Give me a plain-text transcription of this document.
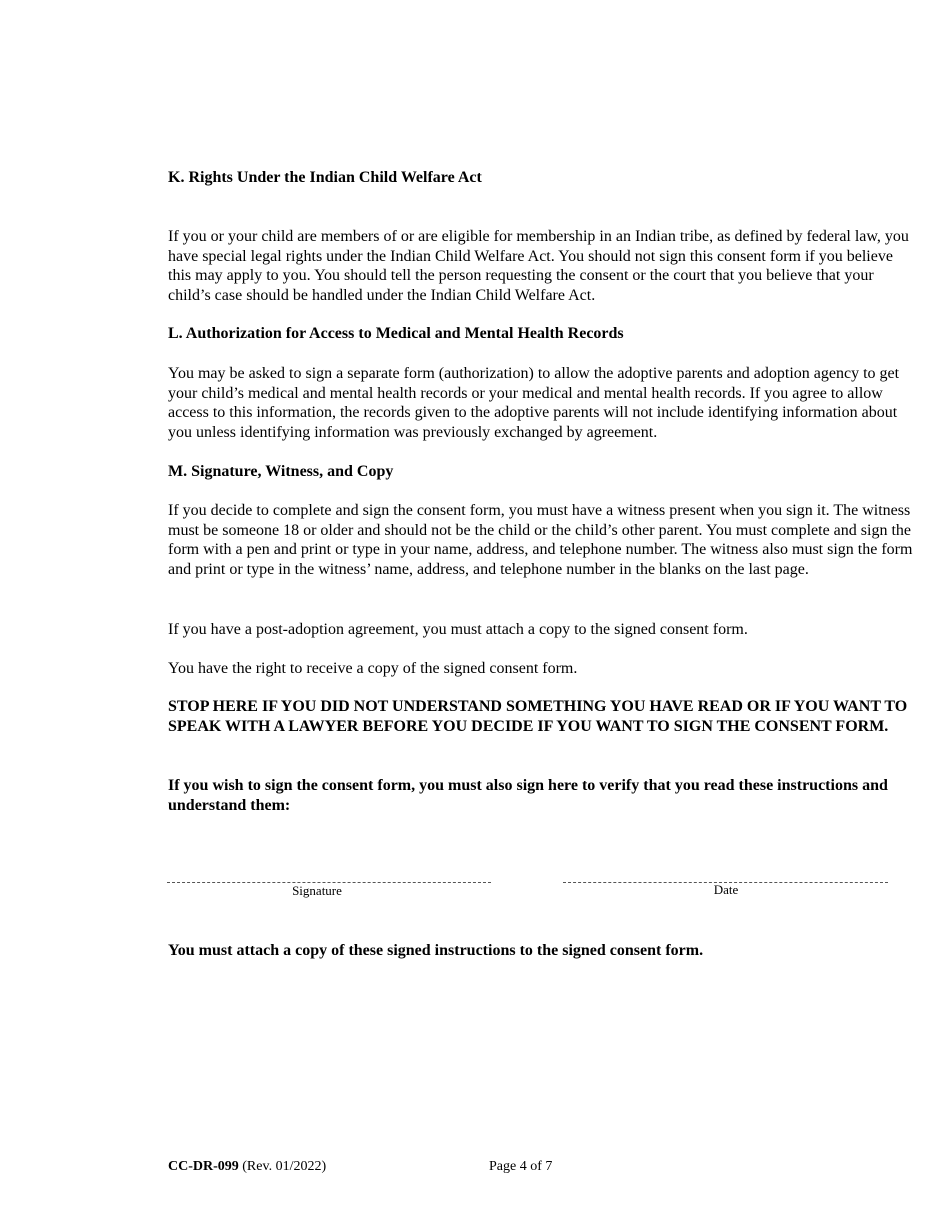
K. Rights Under the Indian Child Welfare Act

If you or your child are members of or are eligible for membership in an Indian tribe, as defined by federal law, you have special legal rights under the Indian Child Welfare Act. You should not sign this consent form if you believe this may apply to you. You should tell the person requesting the consent or the court that you believe that your child’s case should be handled under the Indian Child Welfare Act.

L. Authorization for Access to Medical and Mental Health Records

You may be asked to sign a separate form (authorization) to allow the adoptive parents and adoption agency to get your child’s medical and mental health records or your medical and mental health records. If you agree to allow access to this information, the records given to the adoptive parents will not include identifying information about you unless identifying information was previously exchanged by agreement.

M. Signature, Witness, and Copy

If you decide to complete and sign the consent form, you must have a witness present when you sign it. The witness must be someone 18 or older and should not be the child or the child’s other parent. You must complete and sign the form with a pen and print or type in your name, address, and telephone number. The witness also must sign the form and print or type in the witness’ name, address, and telephone number in the blanks on the last page.

If you have a post-adoption agreement, you must attach a copy to the signed consent form.

You have the right to receive a copy of the signed consent form.

STOP HERE IF YOU DID NOT UNDERSTAND SOMETHING YOU HAVE READ OR IF YOU WANT TO SPEAK WITH A LAWYER BEFORE YOU DECIDE IF YOU WANT TO SIGN THE CONSENT FORM.

If you wish to sign the consent form, you must also sign here to verify that you read these instructions and understand them:

Signature	Date

You must attach a copy of these signed instructions to the signed consent form.

CC-DR-099 (Rev. 01/2022)	Page 4 of 7
